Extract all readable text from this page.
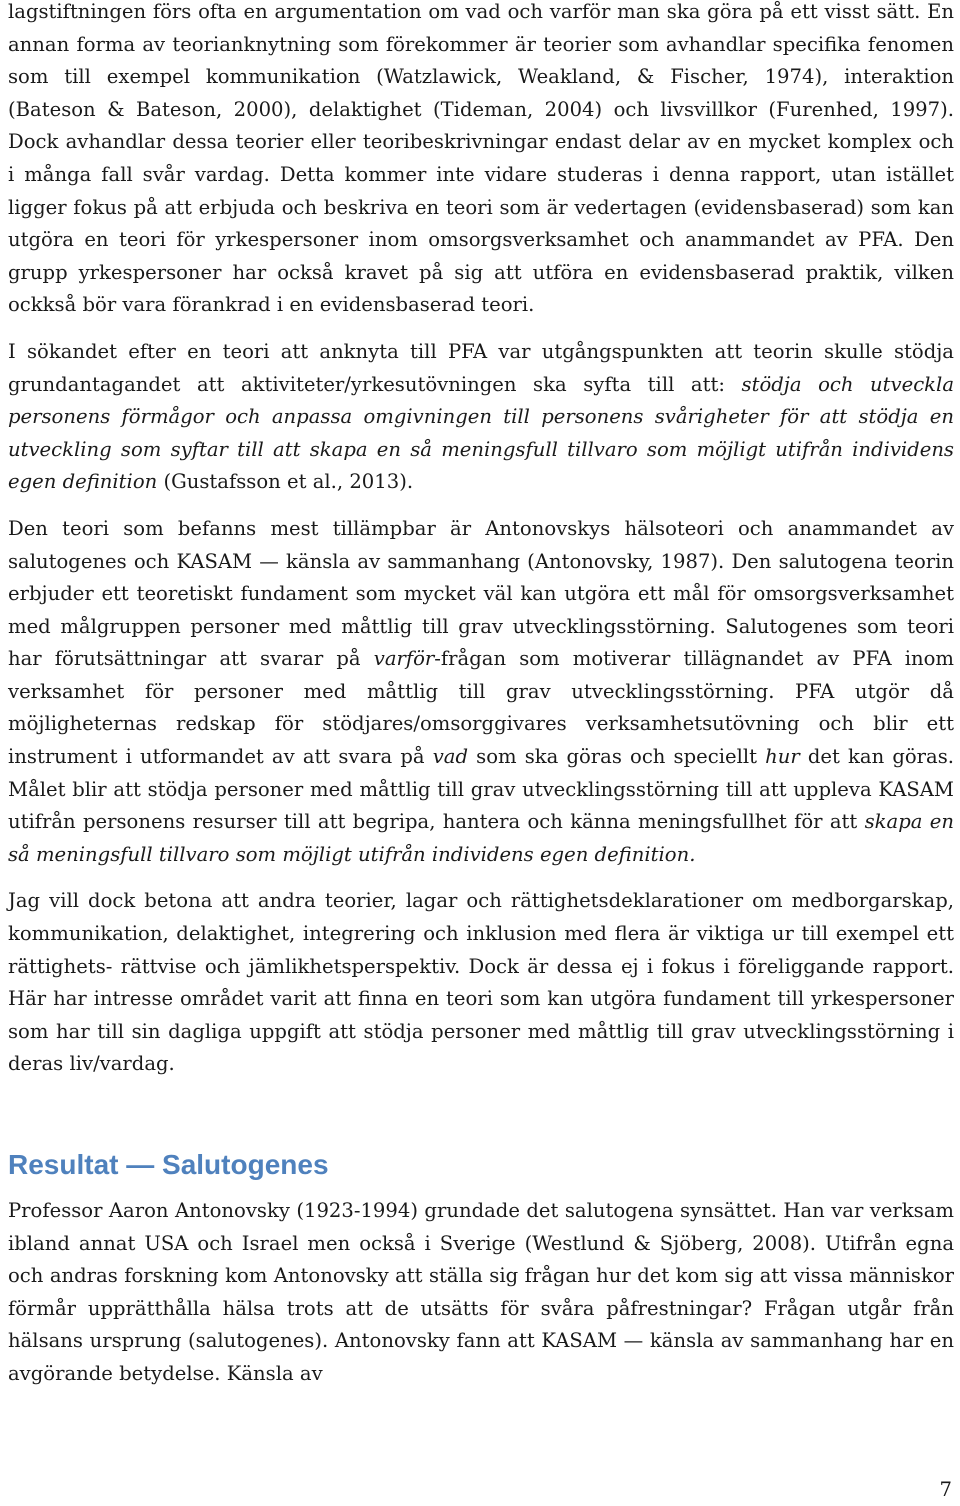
lagstiftningen förs ofta en argumentation om vad och varför man ska göra på ett visst sätt. En annan forma av teorianknytning som förekommer är teorier som avhandlar specifika fenomen som till exempel kommunikation (Watzlawick, Weakland, & Fischer, 1974), interaktion (Bateson & Bateson, 2000), delaktighet (Tideman, 2004) och livsvillkor (Furenhed, 1997). Dock avhandlar dessa teorier eller teoribeskrivningar endast delar av en mycket komplex och i många fall svår vardag. Detta kommer inte vidare studeras i denna rapport, utan istället ligger fokus på att erbjuda och beskriva en teori som är vedertagen (evidensbaserad) som kan utgöra en teori för yrkespersoner inom omsorgsverksamhet och anammandet av PFA. Den grupp yrkespersoner har också kravet på sig att utföra en evidensbaserad praktik, vilken ockkså bör vara förankrad i en evidensbaserad teori.

I sökandet efter en teori att anknyta till PFA var utgångspunkten att teorin skulle stödja grundantagandet att aktiviteter/yrkesutövningen ska syfta till att: stödja och utveckla personens förmågor och anpassa omgivningen till personens svårigheter för att stödja en utveckling som syftar till att skapa en så meningsfull tillvaro som möjligt utifrån individens egen definition (Gustafsson et al., 2013).

Den teori som befanns mest tillämpbar är Antonovskys hälsoteori och anammandet av salutogenes och KASAM — känsla av sammanhang (Antonovsky, 1987). Den salutogena teorin erbjuder ett teoretiskt fundament som mycket väl kan utgöra ett mål för omsorgsverksamhet med målgruppen personer med måttlig till grav utvecklingsstörning. Salutogenes som teori har förutsättningar att svarar på varför-frågan som motiverar tillägnandet av PFA inom verksamhet för personer med måttlig till grav utvecklingsstörning. PFA utgör då möjligheternas redskap för stödjares/omsorggivares verksamhetsutövning och blir ett instrument i utformandet av att svara på vad som ska göras och speciellt hur det kan göras. Målet blir att stödja personer med måttlig till grav utvecklingsstörning till att uppleva KASAM utifrån personens resurser till att begripa, hantera och känna meningsfullhet för att skapa en så meningsfull tillvaro som möjligt utifrån individens egen definition.

Jag vill dock betona att andra teorier, lagar och rättighetsdeklarationer om medborgarskap, kommunikation, delaktighet, integrering och inklusion med flera är viktiga ur till exempel ett rättighets- rättvise och jämlikhetsperspektiv. Dock är dessa ej i fokus i föreliggande rapport. Här har intresse området varit att finna en teori som kan utgöra fundament till yrkespersoner som har till sin dagliga uppgift att stödja personer med måttlig till grav utvecklingsstörning i deras liv/vardag.

Resultat — Salutogenes

Professor Aaron Antonovsky (1923-1994) grundade det salutogena synsättet. Han var verksam ibland annat USA och Israel men också i Sverige (Westlund & Sjöberg, 2008). Utifrån egna och andras forskning kom Antonovsky att ställa sig frågan hur det kom sig att vissa människor förmår upprätthålla hälsa trots att de utsätts för svåra påfrestningar? Frågan utgår från hälsans ursprung (salutogenes). Antonovsky fann att KASAM — känsla av sammanhang har en avgörande betydelse. Känsla av

7
